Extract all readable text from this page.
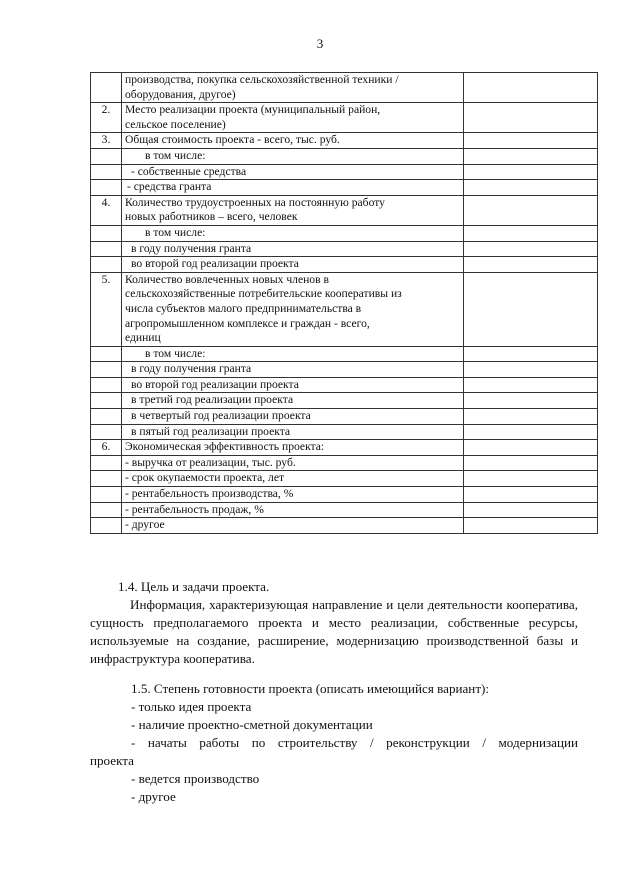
3

	производства, покупка сельскохозяйственной техники /
оборудования, другое)	

2.	Место реализации проекта (муниципальный район,
сельское поселение)	

3.	Общая стоимость проекта - всего, тыс. руб.	

	в том числе:	

	- собственные средства	

	- средства гранта	

4.	Количество трудоустроенных на постоянную работу
новых работников – всего, человек	

	в том числе:	

	в году получения гранта	

	во второй год реализации проекта	

5.	Количество вовлеченных новых членов в
сельскохозяйственные потребительские кооперативы из
числа субъектов малого предпринимательства в
агропромышленном комплексе и граждан - всего,
единиц	

	в том числе:	

	в году получения гранта	

	во второй год реализации проекта	

	в третий год реализации проекта	

	в четвертый год реализации проекта	

	в пятый год реализации проекта	

6.	Экономическая эффективность проекта:	

	- выручка от реализации, тыс. руб.	

	- срок окупаемости проекта, лет	

	- рентабельность производства, %	

	- рентабельность продаж, %	

	- другое	

1.4. Цель и задачи проекта.
Информация, характеризующая направление и цели деятельности кооператива, сущность предполагаемого проекта и место реализации, собственные ресурсы, используемые на создание, расширение, модернизацию производственной базы и инфраструктура кооператива.
1.5. Степень готовности проекта (описать имеющийся вариант):
- только идея проекта
- наличие проектно-сметной документации
- начаты работы по строительству / реконструкции / модернизации
проекта
- ведется производство
- другое
